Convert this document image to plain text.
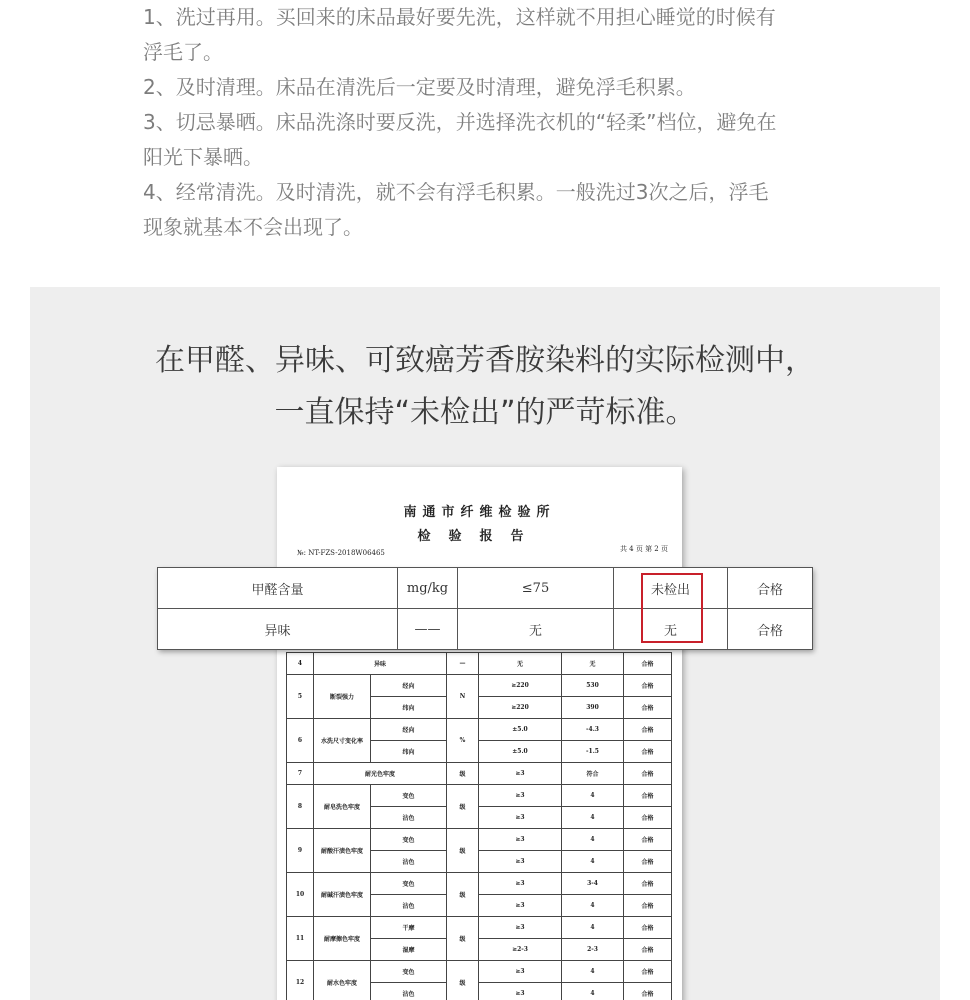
1、洗过再用。买回来的床品最好要先洗，这样就不用担心睡觉的时候有
浮毛了。
2、及时清理。床品在清洗后一定要及时清理，避免浮毛积累。
3、切忌暴晒。床品洗涤时要反洗，并选择洗衣机的“轻柔”档位，避免在
阳光下暴晒。
4、经常清洗。及时清洗，就不会有浮毛积累。一般洗过3次之后，浮毛
现象就基本不会出现了。
在甲醛、异味、可致癌芳香胺染料的实际检测中，
一直保持“未检出”的严苛标准。
南通市纤维检验所
检验报告
№: NT-FZS-2018W06465	共 4 页 第 2 页
4	异味		—	无	无	合格
5	断裂强力	经向	N	≥220	530	合格
		纬向		≥220	390	合格
6	水洗尺寸变化率	经向	%	±5.0	-4.3	合格
		纬向		±5.0	-1.5	合格
7	耐光色牢度		级	≥3	符合	合格
8	耐皂洗色牢度	变色	级	≥3	4	合格
		沾色		≥3	4	合格
9	耐酸汗渍色牢度	变色	级	≥3	4	合格
		沾色		≥3	4	合格
10	耐碱汗渍色牢度	变色	级	≥3	3-4	合格
		沾色		≥3	4	合格
11	耐摩擦色牢度	干摩	级	≥3	4	合格
		湿摩		≥2-3	2-3	合格
12	耐水色牢度	变色	级	≥3	4	合格
		沾色		≥3	4	合格
甲醛含量	mg/kg	≤75	未检出	合格
异味	——	无	无	合格
